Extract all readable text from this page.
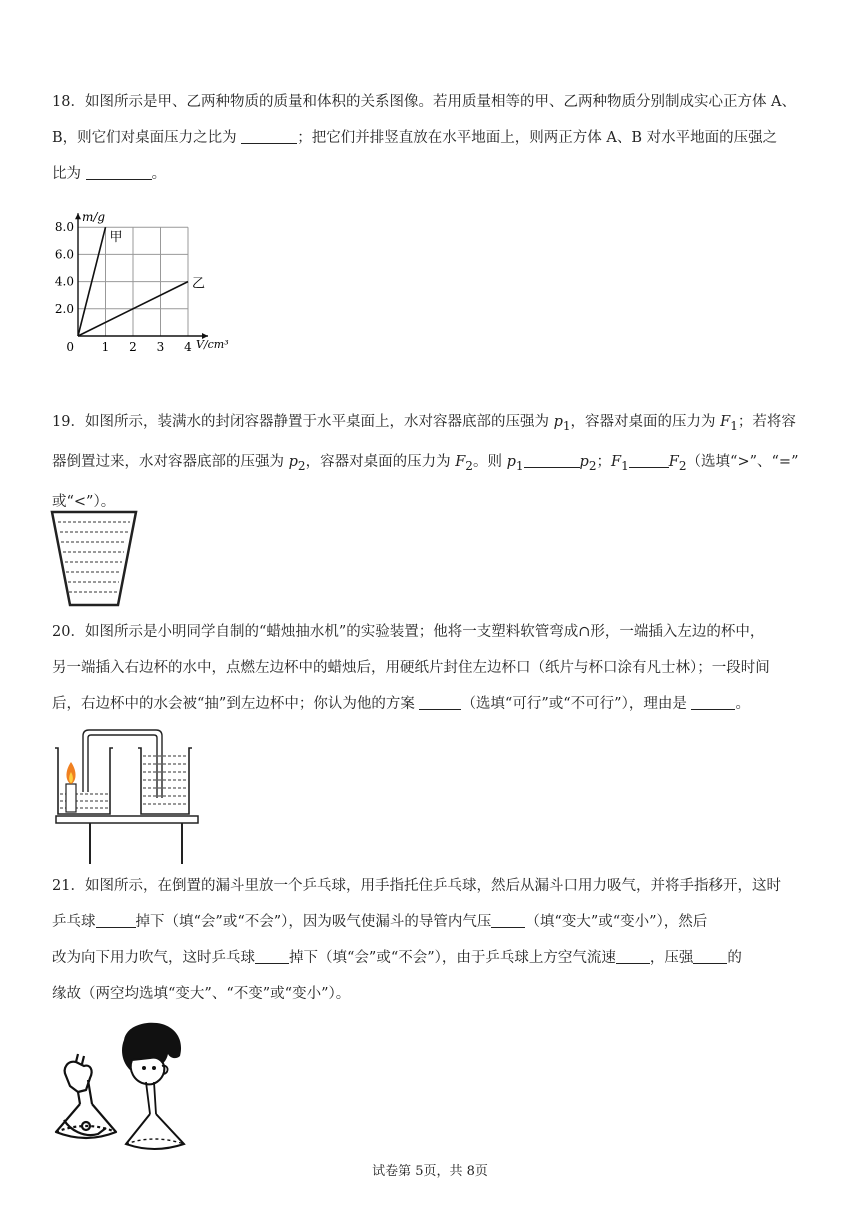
18．如图所示是甲、乙两种物质的质量和体积的关系图像。若用质量相等的甲、乙两种物质分别制成实心正方体 A、

B，则它们对桌面压力之比为	；把它们并排竖直放在水平地面上，则两正方体 A、B 对水平地面的压强之

比为	。

1 2 3 4
2.0
4.0
6.0
8.0
0
m/g
V/cm³
甲
乙

19．如图所示，装满水的封闭容器静置于水平桌面上，水对容器底部的压强为 $p_1$，容器对桌面的压力为 $F_1$；若将容

器倒置过来，水对容器底部的压强为 $p_2$，容器对桌面的压力为 $F_2$。则 $p_1$	$p_2$；$F_1$	$F_2$（选填“>”、“=”

或“<”）。

20．如图所示是小明同学自制的“蜡烛抽水机”的实验装置；他将一支塑料软管弯成∩形，一端插入左边的杯中，

另一端插入右边杯的水中，点燃左边杯中的蜡烛后，用硬纸片封住左边杯口（纸片与杯口涂有凡士林）；一段时间

后，右边杯中的水会被“抽”到左边杯中；你认为他的方案	（选填“可行”或“不可行”），理由是	。

21．如图所示，在倒置的漏斗里放一个乒乓球，用手指托住乒乓球，然后从漏斗口用力吸气，并将手指移开，这时

乒乓球	掉下（填“会”或“不会”），因为吸气使漏斗的导管内气压 （填“变大”或“变小”），然后

改为向下用力吹气，这时乒乓球 掉下（填“会”或“不会”），由于乒乓球上方空气流速 ，压强 的

缘故（两空均选填“变大”、“不变”或“变小”）。

试卷第 5页，共 8页
